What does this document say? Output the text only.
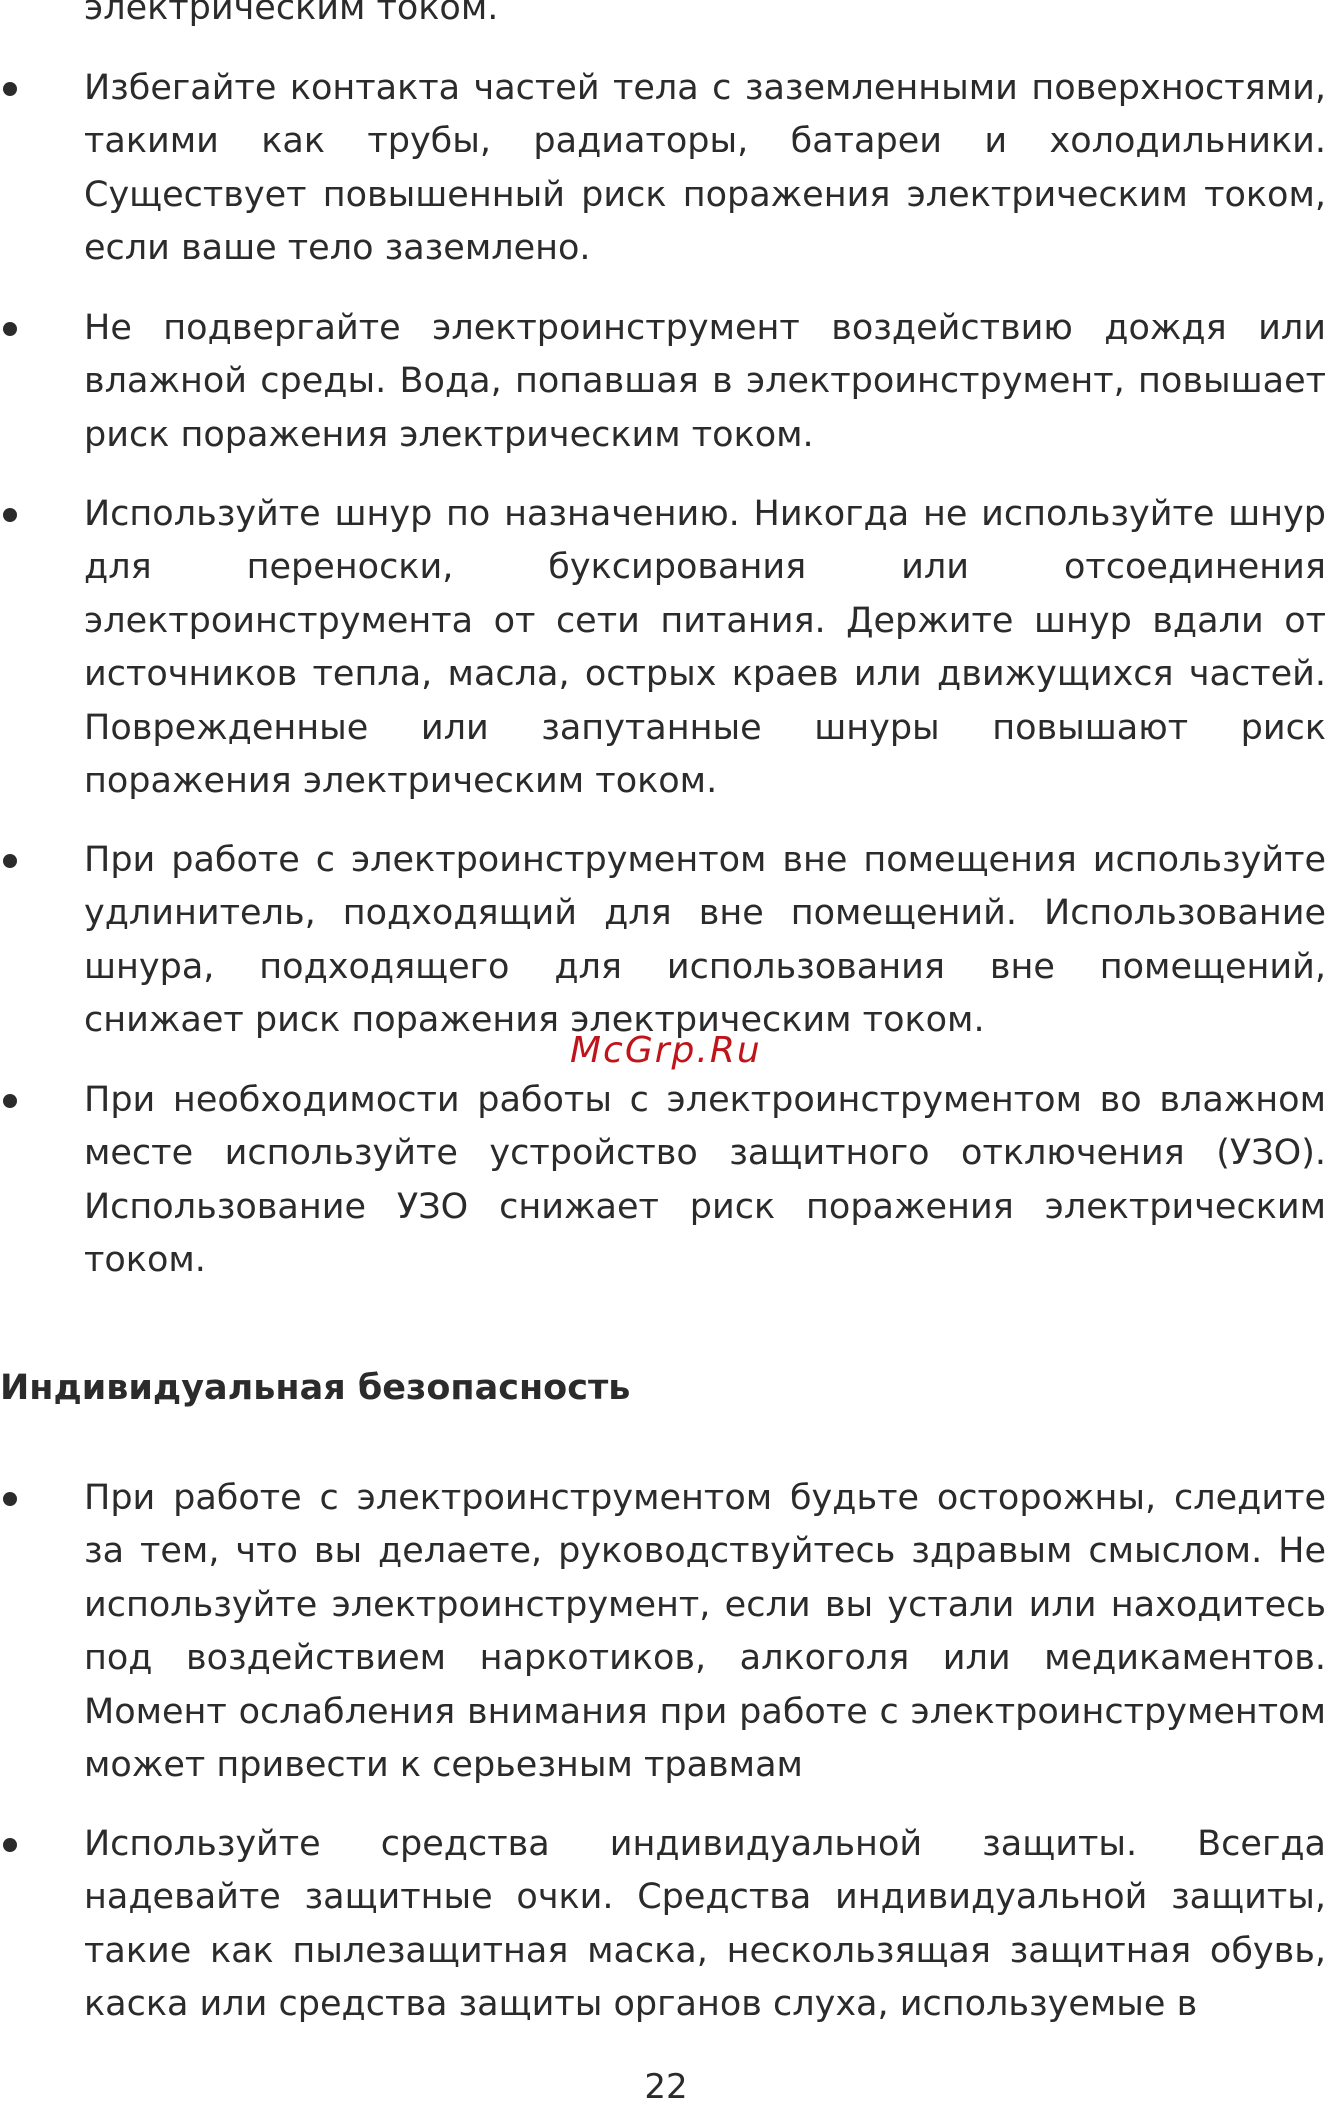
электрическим током.

Избегайте контакта частей тела с заземленными поверхностями, такими как трубы, радиаторы, батареи и холодильники. Существует повышенный риск поражения электрическим током, если ваше тело заземлено.

Не подвергайте электроинструмент воздействию дождя или влажной среды. Вода, попавшая в электроинструмент, повышает риск поражения электрическим током.

Используйте шнур по назначению. Никогда не используйте шнур для переноски, буксирования или отсоединения электроинструмента от сети питания. Держите шнур вдали от источников тепла, масла, острых краев или движущихся частей. Поврежденные или запутанные шнуры повышают риск поражения электрическим током.

При работе с электроинструментом вне помещения используйте удлинитель, подходящий для вне помещений. Использование шнура, подходящего для использования вне помещений, снижает риск поражения электрическим током.

McGrp.Ru

При необходимости работы с электроинструментом во влажном месте используйте устройство защитного отключения (УЗО). Использование УЗО снижает риск поражения электрическим током.

Индивидуальная безопасность

При работе с электроинструментом будьте осторожны, следите за тем, что вы делаете, руководствуйтесь здравым смыслом. Не используйте электроинструмент, если вы устали или находитесь под воздействием наркотиков, алкоголя или медикаментов. Момент ослабления внимания при работе с электроинструментом может привести к серьезным травмам

Используйте средства индивидуальной защиты. Всегда надевайте защитные очки. Средства индивидуальной защиты, такие как пылезащитная маска, нескользящая защитная обувь, каска или средства защиты органов слуха, используемые в

22
